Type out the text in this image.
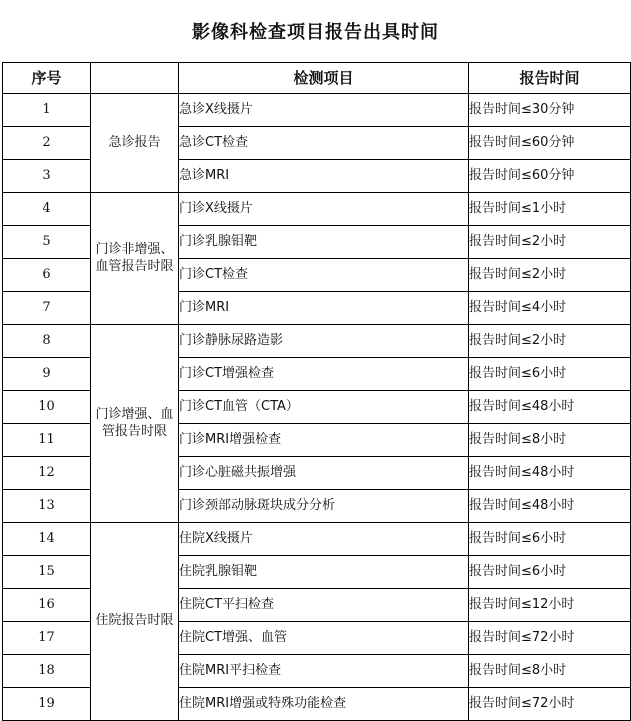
影像科检查项目报告出具时间
序号		检测项目	报告时间
1	急诊报告	急诊X线摄片	报告时间≤30分钟
2		急诊CT检查	报告时间≤60分钟
3		急诊MRI	报告时间≤60分钟
4	门诊非增强、血管报告时限	门诊X线摄片	报告时间≤1小时
5		门诊乳腺钼靶	报告时间≤2小时
6		门诊CT检查	报告时间≤2小时
7		门诊MRI	报告时间≤4小时
8	门诊增强、血管报告时限	门诊静脉尿路造影	报告时间≤2小时
9		门诊CT增强检查	报告时间≤6小时
10		门诊CT血管（CTA）	报告时间≤48小时
11		门诊MRI增强检查	报告时间≤8小时
12		门诊心脏磁共振增强	报告时间≤48小时
13		门诊颈部动脉斑块成分分析	报告时间≤48小时
14	住院报告时限	住院X线摄片	报告时间≤6小时
15		住院乳腺钼靶	报告时间≤6小时
16		住院CT平扫检查	报告时间≤12小时
17		住院CT增强、血管	报告时间≤72小时
18		住院MRI平扫检查	报告时间≤8小时
19		住院MRI增强或特殊功能检查	报告时间≤72小时
